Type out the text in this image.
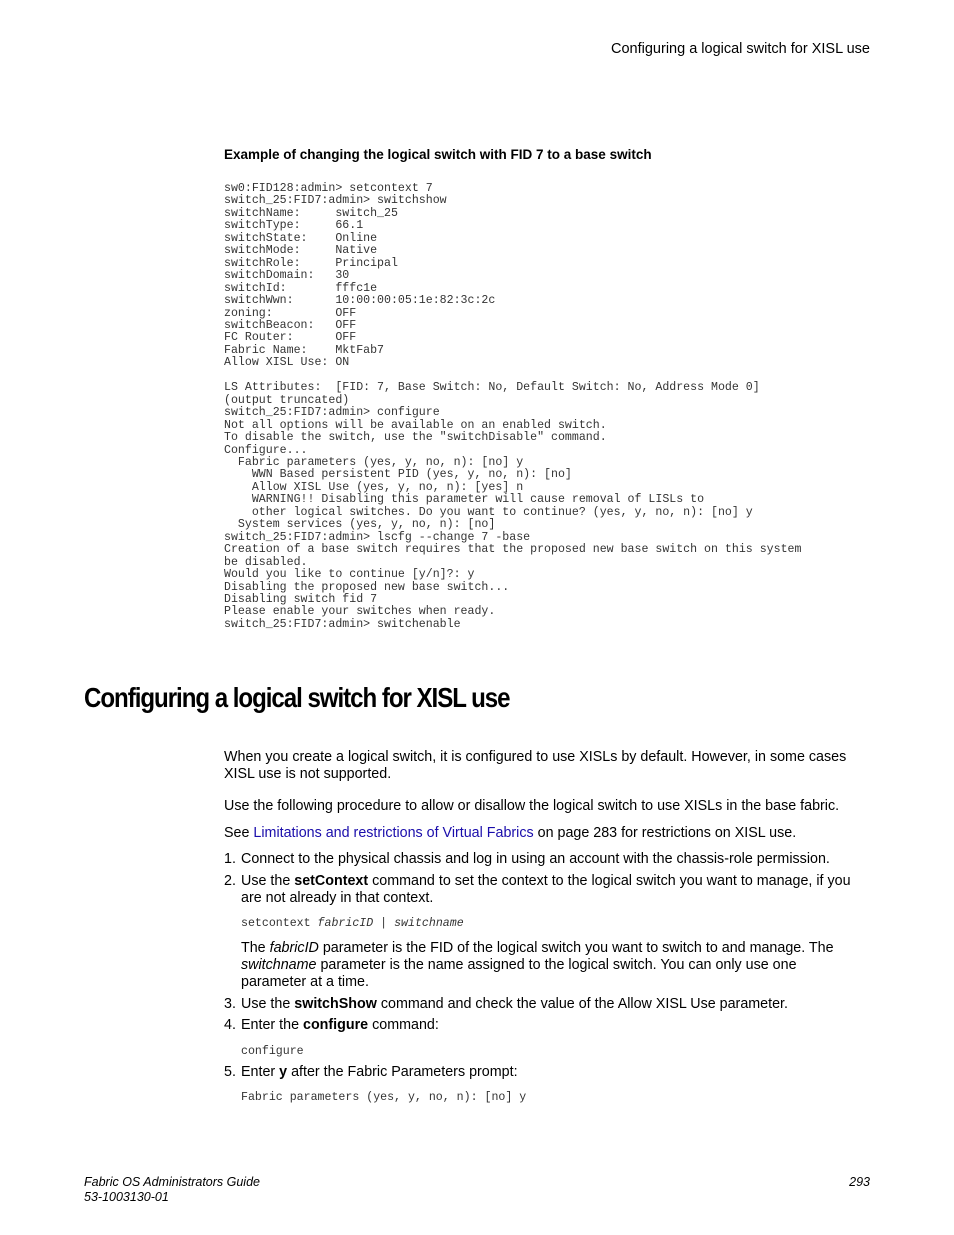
Configuring a logical switch for XISL use
Example of changing the logical switch with FID 7 to a base switch
sw0:FID128:admin> setcontext 7
switch_25:FID7:admin> switchshow
switchName:     switch_25
switchType:     66.1
switchState:    Online
switchMode:     Native
switchRole:     Principal
switchDomain:   30
switchId:       fffc1e
switchWwn:      10:00:00:05:1e:82:3c:2c
zoning:         OFF
switchBeacon:   OFF
FC Router:      OFF
Fabric Name:    MktFab7
Allow XISL Use: ON

LS Attributes:  [FID: 7, Base Switch: No, Default Switch: No, Address Mode 0]
(output truncated)
switch_25:FID7:admin> configure
Not all options will be available on an enabled switch.
To disable the switch, use the "switchDisable" command.
Configure...
Fabric parameters (yes, y, no, n): [no] y
WWN Based persistent PID (yes, y, no, n): [no]
Allow XISL Use (yes, y, no, n): [yes] n
WARNING!! Disabling this parameter will cause removal of LISLs to
other logical switches. Do you want to continue? (yes, y, no, n): [no] y
System services (yes, y, no, n): [no]
switch_25:FID7:admin> lscfg --change 7 -base
Creation of a base switch requires that the proposed new base switch on this system
be disabled.
Would you like to continue [y/n]?: y
Disabling the proposed new base switch...
Disabling switch fid 7
Please enable your switches when ready.
switch_25:FID7:admin> switchenable
Configuring a logical switch for XISL use
When you create a logical switch, it is configured to use XISLs by default. However, in some cases XISL use is not supported.
Use the following procedure to allow or disallow the logical switch to use XISLs in the base fabric.
See Limitations and restrictions of Virtual Fabrics on page 283 for restrictions on XISL use.
1. Connect to the physical chassis and log in using an account with the chassis-role permission.
2. Use the setContext command to set the context to the logical switch you want to manage, if you are not already in that context.
setcontext fabricID | switchname
The fabricID parameter is the FID of the logical switch you want to switch to and manage. The switchname parameter is the name assigned to the logical switch. You can only use one parameter at a time.
3. Use the switchShow command and check the value of the Allow XISL Use parameter.
4. Enter the configure command:
configure
5. Enter y after the Fabric Parameters prompt:
Fabric parameters (yes, y, no, n): [no] y
Fabric OS Administrators Guide
53-1003130-01
293
